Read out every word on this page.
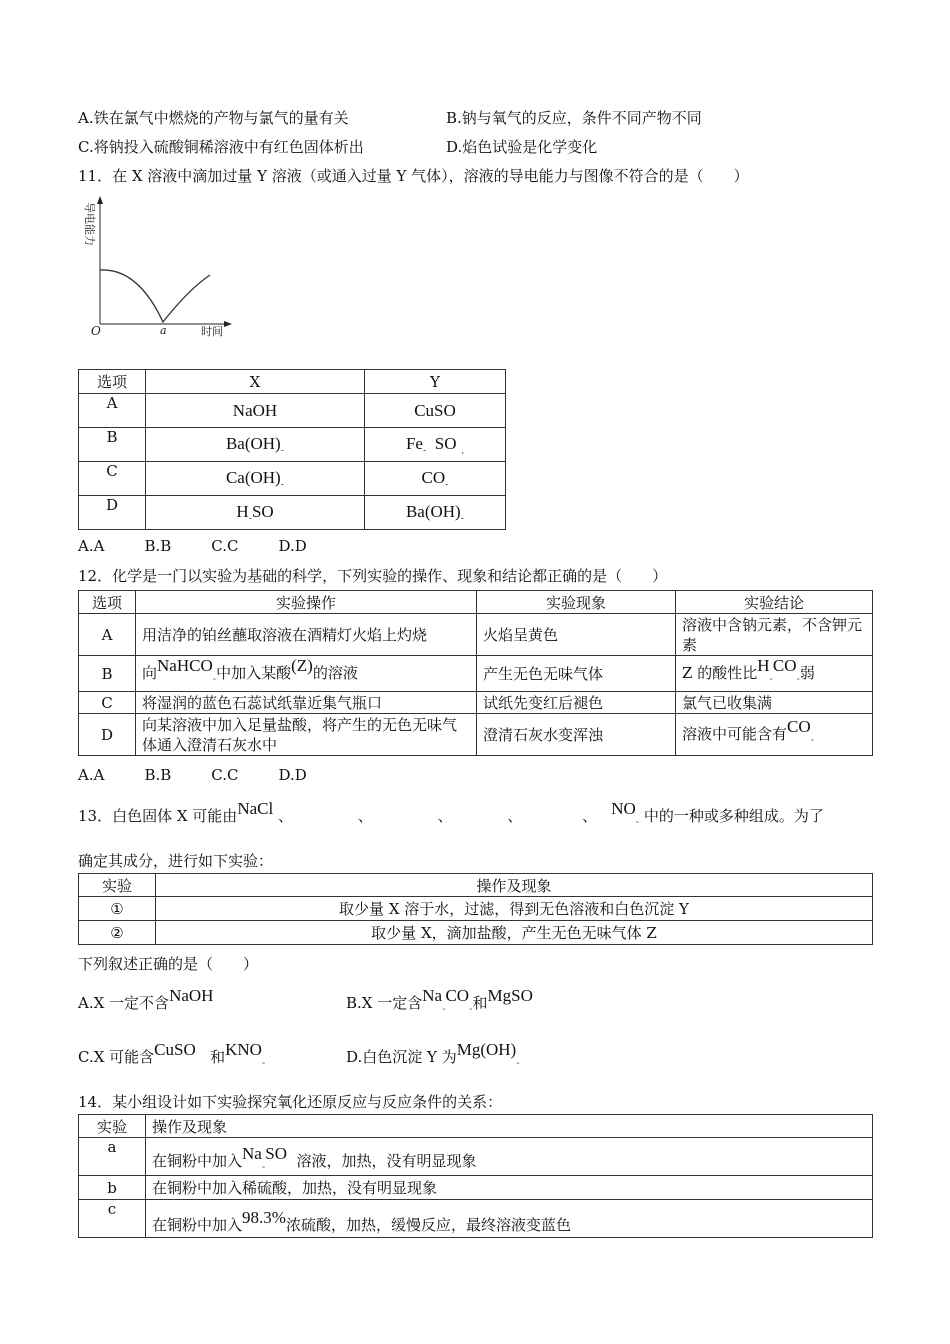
A.铁在氯气中燃烧的产物与氯气的量有关	B.钠与氧气的反应，条件不同产物不同
C.将钠投入硫酸铜稀溶液中有红色固体析出	D.焰色试验是化学变化
11．在 X 溶液中滴加过量 Y 溶液（或通入过量 Y 气体），溶液的导电能力与图像不符合的是（　　）
导电能力
O	a	时间
选项	X	Y
A	NaOH	CuSO
B	$Ba(OH)_-$	$Fe_-$ SO  $_,$
C	$Ca(OH)_-$	$CO_-$
D	$H_-SO$	$Ba(OH)_-$
A.A	B.B	C.C	D.D
12．化学是一门以实验为基础的科学，下列实验的操作、现象和结论都正确的是（　　）
选项	实验操作	实验现象	实验结论
A	用洁净的铂丝蘸取溶液在酒精灯火焰上灼烧	火焰呈黄色	溶液中含钠元素，不含钾元素
B	向NaHCO$_-$中加入某酸(Z)的溶液	产生无色无味气体	Z 的酸性比$H_-CO_-$弱
C	将湿润的蓝色石蕊试纸靠近集气瓶口	试纸先变红后褪色	氯气已收集满
D	向某溶液中加入足量盐酸，将产生的无色无味气体通入澄清石灰水中	澄清石灰水变浑浊	溶液中可能含有$CO_-$
A.A	B.B	C.C	D.D
13．白色固体 X 可能由NaCl 、	、	、	、	、 $NO_-$ 中的一种或多种组成。为了
确定其成分，进行如下实验：
实验	操作及现象
①	取少量 X 溶于水，过滤，得到无色溶液和白色沉淀 Y
②	取少量 X，滴加盐酸，产生无色无味气体 Z
下列叙述正确的是（　　）
A.X 一定不含NaOH	B.X 一定含$Na_-CO_-$和MgSO
C.X 可能含CuSO 和$KNO_-$	D.白色沉淀 Y 为$Mg(OH)_-$
14．某小组设计如下实验探究氧化还原反应与反应条件的关系：
实验	操作及现象
a	在铜粉中加入$Na_-SO$ 溶液，加热，没有明显现象
b	在铜粉中加入稀硫酸，加热，没有明显现象
c	在铜粉中加入98.3%浓硫酸，加热，缓慢反应，最终溶液变蓝色
